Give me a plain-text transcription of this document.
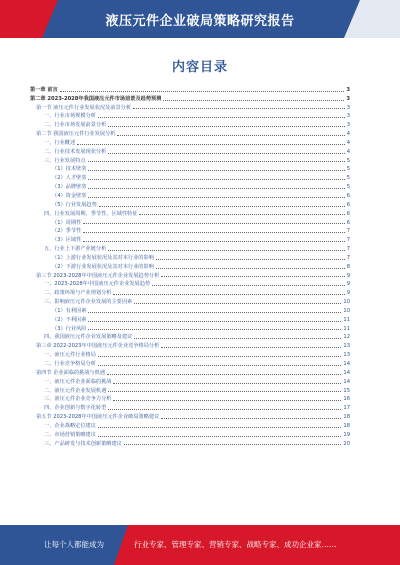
液压元件企业破局策略研究报告
内容目录
第一章 前言	3
第二章 2023-2028年我国液压元件市场前景及趋势预测	3
第一节 液压元件行业发展状况及前景分析	3
一、行业市场规模分析	3
二、行业市场发展前景分析	3
第二节 我国液压元件行业发展分析	4
一、行业概述	4
二、行业技术发展现状分析	4
三、行业发展特点	5
（1）技术壁垒	5
（2）人才壁垒	5
（3）品牌壁垒	5
（4）资金壁垒	6
（5）行业发展趋势	6
四、行业发展周期、季节性、区域性特征	6
（1）周期性	6
（2）季节性	7
（3）区域性	7
五、行业上下游产业链分析	7
（1）上游行业发展状况及其对本行业的影响	7
（2）下游行业发展状况及其对本行业的影响	8
第三节 2023-2028年中国液压元件企业发展趋势分析	9
一、2023-2028年中国液压元件企业发展趋势	9
二、政策环境与产业规划分析	9
三、影响液压元件企业发展的主要因素	10
（1）有利因素	10
（2）不利因素	11
（3）行业风险	11
四、我国液压元件企业发展策略及建议	12
第三章 2022-2023年中国液压元件企业竞争格局分析	13
一、液压元件行业格局	13
二、行业竞争格局分析	14
第四节 企业面临的挑战与机遇	14
一、液压元件企业面临的挑战	14
二、液压元件企业发展机遇	15
三、液压元件企业竞争力分析	16
四、企业创新与数字化转型	17
第五节 2023-2028年中国液压元件企业破局策略建议	18
一、企业战略定位建议	18
二、市场营销策略建议	19
三、产品研发与技术创新策略建议	20
让每个人都能成为	行业专家、管理专家、营销专家、战略专家、成功企业家……
